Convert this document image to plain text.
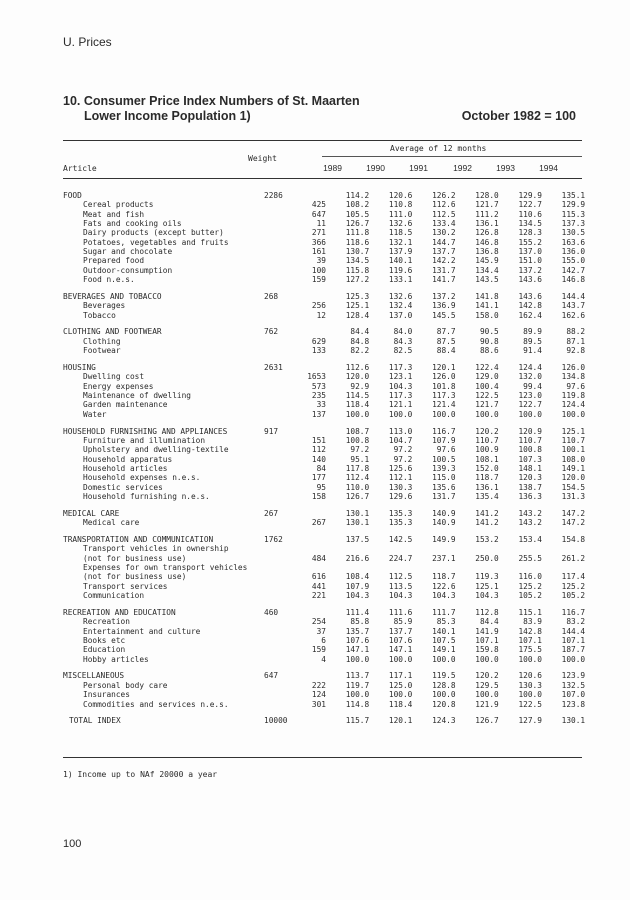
U. Prices
10. Consumer Price Index Numbers of St. Maarten
Lower Income Population 1)	October 1982 = 100
Average of 12 months
Weight
Article	1989	1990	1991	1992	1993	1994
FOOD	2286	114.2	120.6	126.2	128.0	129.9	135.1
Cereal products	425	108.2	110.8	112.6	121.7	122.7	129.9
Meat and fish	647	105.5	111.0	112.5	111.2	110.6	115.3
Fats and cooking oils	11	126.7	132.6	133.4	136.1	134.5	137.3
Dairy products (except butter)	271	111.8	118.5	130.2	126.8	128.3	130.5
Potatoes, vegetables and fruits	366	118.6	132.1	144.7	146.8	155.2	163.6
Sugar and chocolate	161	130.7	137.9	137.7	136.8	137.0	136.0
Prepared food	39	134.5	140.1	142.2	145.9	151.0	155.0
Outdoor-consumption	100	115.8	119.6	131.7	134.4	137.2	142.7
Food n.e.s.	159	127.2	133.1	141.7	143.5	143.6	146.8

BEVERAGES AND TOBACCO	268	125.3	132.6	137.2	141.8	143.6	144.4
Beverages	256	125.1	132.4	136.9	141.1	142.8	143.7
Tobacco	12	128.4	137.0	145.5	158.0	162.4	162.6

CLOTHING AND FOOTWEAR	762	84.4	84.0	87.7	90.5	89.9	88.2
Clothing	629	84.8	84.3	87.5	90.8	89.5	87.1
Footwear	133	82.2	82.5	88.4	88.6	91.4	92.8

HOUSING	2631	112.6	117.3	120.1	122.4	124.4	126.0
Dwelling cost	1653	120.0	123.1	126.0	129.0	132.0	134.8
Energy expenses	573	92.9	104.3	101.8	100.4	99.4	97.6
Maintenance of dwelling	235	114.5	117.3	117.3	122.5	123.0	119.8
Garden maintenance	33	118.4	121.1	121.4	121.7	122.7	124.4
Water	137	100.0	100.0	100.0	100.0	100.0	100.0

HOUSEHOLD FURNISHING AND APPLIANCES	917	108.7	113.0	116.7	120.2	120.9	125.1
Furniture and illumination	151	100.8	104.7	107.9	110.7	110.7	110.7
Upholstery and dwelling-textile	112	97.2	97.2	97.6	100.9	100.8	100.1
Household apparatus	140	95.1	97.2	100.5	108.1	107.3	108.0
Household articles	84	117.8	125.6	139.3	152.0	148.1	149.1
Household expenses n.e.s.	177	112.4	112.1	115.0	118.7	120.3	120.0
Domestic services	95	110.0	130.3	135.6	136.1	138.7	154.5
Household furnishing n.e.s.	158	126.7	129.6	131.7	135.4	136.3	131.3

MEDICAL CARE	267	130.1	135.3	140.9	141.2	143.2	147.2
Medical care	267	130.1	135.3	140.9	141.2	143.2	147.2

TRANSPORTATION AND COMMUNICATION	1762	137.5	142.5	149.9	153.2	153.4	154.8
Transport vehicles in ownership							
(not for business use)	484	216.6	224.7	237.1	250.0	255.5	261.2
Expenses for own transport vehicles							
(not for business use)	616	108.4	112.5	118.7	119.3	116.0	117.4
Transport services	441	107.9	113.5	122.6	125.1	125.2	125.2
Communication	221	104.3	104.3	104.3	104.3	105.2	105.2

RECREATION AND EDUCATION	460	111.4	111.6	111.7	112.8	115.1	116.7
Recreation	254	85.8	85.9	85.3	84.4	83.9	83.2
Entertainment and culture	37	135.7	137.7	140.1	141.9	142.8	144.4
Books etc	6	107.6	107.6	107.5	107.1	107.1	107.1
Education	159	147.1	147.1	149.1	159.8	175.5	187.7
Hobby articles	4	100.0	100.0	100.0	100.0	100.0	100.0

MISCELLANEOUS	647	113.7	117.1	119.5	120.2	120.6	123.9
Personal body care	222	119.7	125.0	128.8	129.5	130.3	132.5
Insurances	124	100.0	100.0	100.0	100.0	100.0	107.0
Commodities and services n.e.s.	301	114.8	118.4	120.8	121.9	122.5	123.8

TOTAL INDEX	10000	115.7	120.1	124.3	126.7	127.9	130.1
1) Income up to NAf 20000 a year
100
